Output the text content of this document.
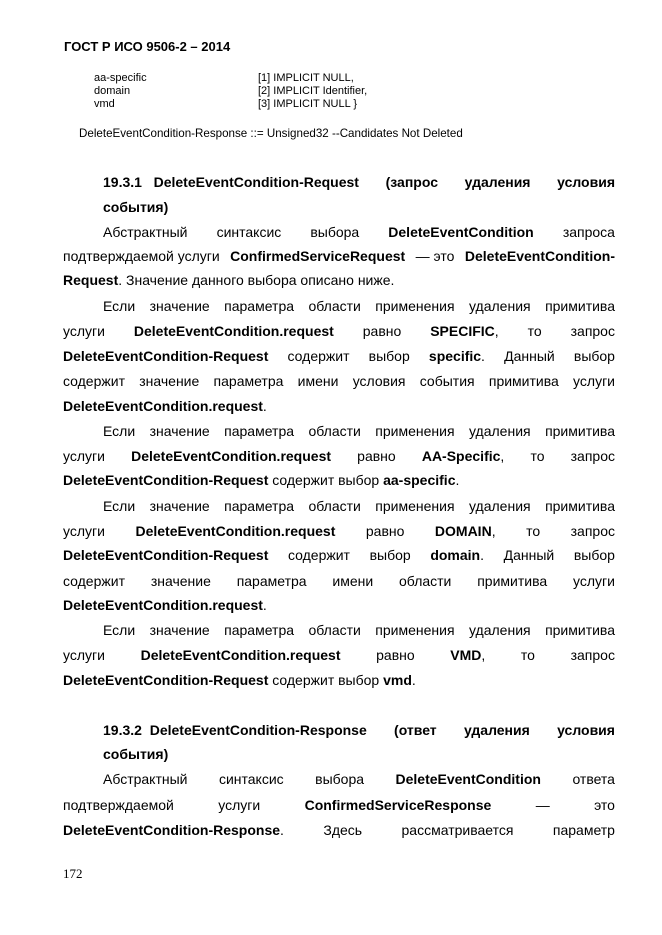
ГОСТ Р ИСО 9506-2 – 2014
aa-specific	[1] IMPLICIT NULL,
domain	[2] IMPLICIT Identifier,
vmd	[3] IMPLICIT NULL }
DeleteEventCondition-Response ::= Unsigned32 --Candidates Not Deleted
19.3.1 DeleteEventCondition-Request (запрос удаления условия
события)
Абстрактный синтаксис выбора DeleteEventCondition запроса
подтверждаемой услуги ConfirmedServiceRequest — это DeleteEventCondition-
Request. Значение данного выбора описано ниже.
Если значение параметра области применения удаления примитива
услуги DeleteEventCondition.request равно SPECIFIC, то запрос
DeleteEventCondition-Request содержит выбор specific. Данный выбор
содержит значение параметра имени условия события примитива услуги
DeleteEventCondition.request.
Если значение параметра области применения удаления примитива
услуги DeleteEventCondition.request равно AA-Specific, то запрос
DeleteEventCondition-Request содержит выбор aa-specific.
Если значение параметра области применения удаления примитива
услуги DeleteEventCondition.request равно DOMAIN, то запрос
DeleteEventCondition-Request содержит выбор domain. Данный выбор
содержит значение параметра имени области примитива услуги
DeleteEventCondition.request.
Если значение параметра области применения удаления примитива
услуги	DeleteEventCondition.request	равно	VMD,	то	запрос
DeleteEventCondition-Request содержит выбор vmd.
19.3.2 DeleteEventCondition-Response (ответ удаления условия
события)
Абстрактный синтаксис выбора DeleteEventCondition ответа
подтверждаемой	услуги	ConfirmedServiceResponse	—	это
DeleteEventCondition-Response.	Здесь	рассматривается	параметр
172
